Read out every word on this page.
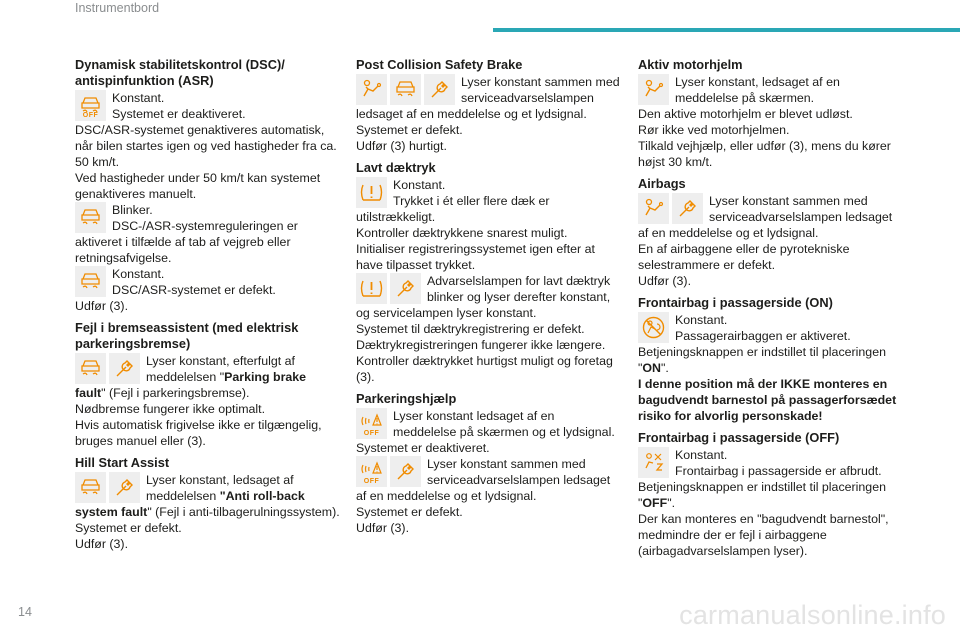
Instrumentbord
Dynamisk stabilitetskontrol (DSC)/ antispinfunktion (ASR)
OFF
Konstant.
Systemet er deaktiveret.

DSC/ASR-systemet genaktiveres automatisk, når bilen startes igen og ved hastigheder fra ca. 50 km/t.

Ved hastigheder under 50 km/t kan systemet genaktiveres manuelt.

Blinker.
DSC-/ASR-systemreguleringen er aktiveret i tilfælde af tab af vejgreb eller retningsafvigelse.
Konstant.
DSC/ASR-systemet er defekt.

Udfør (3).

Fejl i bremseassistent (med elektrisk parkeringsbremse)
Lyser konstant, efterfulgt af meddelelsen "Parking brake fault" (Fejl i parkeringsbremse).

Nødbremse fungerer ikke optimalt.

Hvis automatisk frigivelse ikke er tilgængelig, bruges manuel eller (3).

Hill Start Assist
Lyser konstant, ledsaget af meddelelsen "Anti roll-back system fault" (Fejl i anti-tilbagerulningssystem).

Systemet er defekt.

Udfør (3).

Post Collision Safety Brake
Lyser konstant sammen med serviceadvarselslampen ledsaget af en meddelelse og et lydsignal.

Systemet er defekt.

Udfør (3) hurtigt.

Lavt dæktryk
Konstant.
Trykket i ét eller flere dæk er utilstrækkeligt.

Kontroller dæktrykkene snarest muligt.

Initialiser registreringssystemet igen efter at have tilpasset trykket.

Advarselslampen for lavt dæktryk blinker og lyser derefter konstant, og servicelampen lyser konstant.

Systemet til dæktrykregistrering er defekt.

Dæktrykregistreringen fungerer ikke længere.

Kontroller dæktrykket hurtigst muligt og foretag (3).

Parkeringshjælp
OFF
Lyser konstant ledsaget af en meddelelse på skærmen og et lydsignal.

Systemet er deaktiveret.

OFF
Lyser konstant sammen med serviceadvarselslampen ledsaget af en meddelelse og et lydsignal.

Systemet er defekt.

Udfør (3).

Aktiv motorhjelm
Lyser konstant, ledsaget af en meddelelse på skærmen.

Den aktive motorhjelm er blevet udløst.

Rør ikke ved motorhjelmen.

Tilkald vejhjælp, eller udfør (3), mens du kører højst 30 km/t.

Airbags
Lyser konstant sammen med serviceadvarselslampen ledsaget af en meddelelse og et lydsignal.

En af airbaggene eller de pyrotekniske selestrammere er defekt.

Udfør (3).

Frontairbag i passagerside (ON)
Konstant.
Passagerairbaggen er aktiveret.

Betjeningsknappen er indstillet til placeringen "ON".

I denne position må der IKKE monteres en bagudvendt barnestol på passagerforsædet risiko for alvorlig personskade!

Frontairbag i passagerside (OFF)
Konstant.
Frontairbag i passagerside er afbrudt.

Betjeningsknappen er indstillet til placeringen "OFF".

Der kan monteres en "bagudvendt barnestol", medmindre der er fejl i airbaggene (airbagadvarselslampen lyser).

14	carmanualsonline.info
